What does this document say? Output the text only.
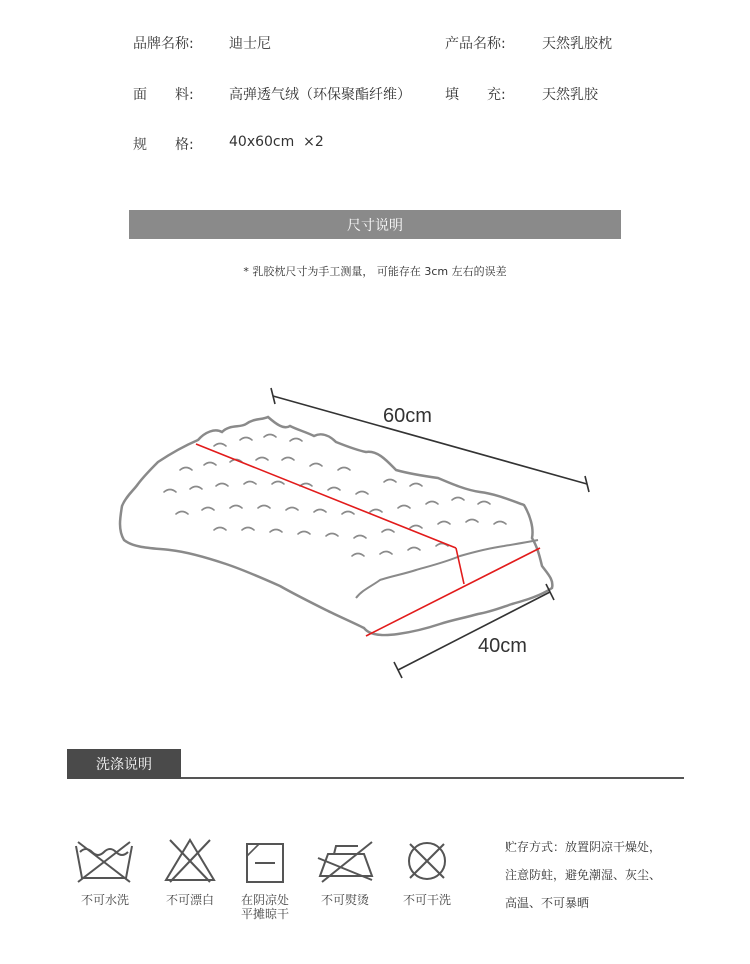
品牌名称:	迪士尼	产品名称:	天然乳胶枕
面　　料:	高弹透气绒（环保聚酯纤维） 填　　充:	天然乳胶
规　　格:	40x60cm  ×2
尺寸说明
* 乳胶枕尺寸为手工测量， 可能存在 3cm 左右的误差
60cm
40cm
洗涤说明
不可水洗	不可漂白	在阴凉处
平摊晾干
不可熨烫	不可干洗
贮存方式：放置阴凉干燥处，
注意防蛀，避免潮湿、灰尘、
高温、不可暴晒
